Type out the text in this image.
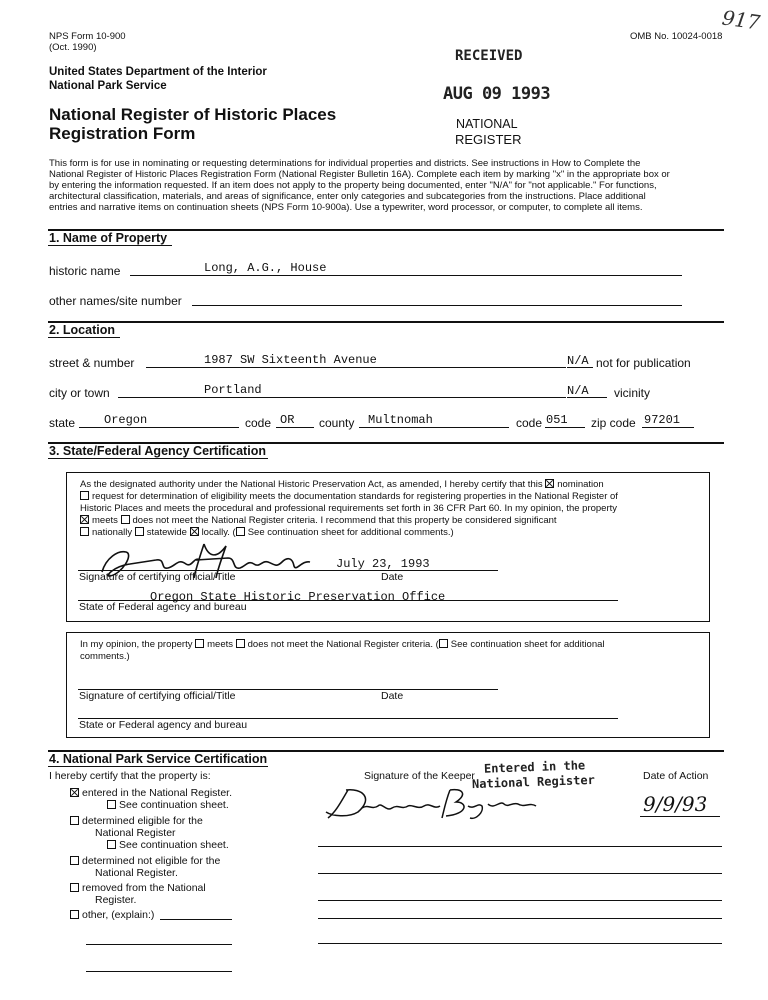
NPS Form 10-900
(Oct. 1990)
OMB No. 10024-0018
917
United States Department of the Interior
National Park Service
National Register of Historic Places
Registration Form
RECEIVED
AUG 09 1993
NATIONAL
REGISTER
This form is for use in nominating or requesting determinations for individual properties and districts. See instructions in How to Complete the
National Register of Historic Places Registration Form (National Register Bulletin 16A). Complete each item by marking "x" in the appropriate box or
by entering the information requested. If an item does not apply to the property being documented, enter "N/A" for "not applicable." For functions,
architectural classification, materials, and areas of significance, enter only categories and subcategories from the instructions. Place additional
entries and narrative items on continuation sheets (NPS Form 10-900a). Use a typewriter, word processor, or computer, to complete all items.
1. Name of Property
historic name	Long, A.G., House
other names/site number
2. Location
street & number	1987 SW Sixteenth Avenue	N/A not for publication
city or town	Portland	N/A vicinity
state Oregon	code OR county Multnomah	code 051 zip code 97201
3. State/Federal Agency Certification
As the designated authority under the National Historic Preservation Act, as amended, I hereby certify that this nomination
request for determination of eligibility meets the documentation standards for registering properties in the National Register of
Historic Places and meets the procedural and professional requirements set forth in 36 CFR Part 60. In my opinion, the property
meets does not meet the National Register criteria. I recommend that this property be considered significant
nationally statewide locally. ( See continuation sheet for additional comments.)
July 23, 1993
Signature of certifying official/Title	Date
Oregon State Historic Preservation Office
State of Federal agency and bureau
In my opinion, the property meets does not meet the National Register criteria. ( See continuation sheet for additional
comments.)
Signature of certifying official/Title	Date
State or Federal agency and bureau
4. National Park Service Certification
I hereby certify that the property is:	Signature of the Keeper	Date of Action
Entered in the
National Register
9/9/93
entered in the National Register.
See continuation sheet.
determined eligible for the
National Register
See continuation sheet.
determined not eligible for the
National Register.
removed from the National
Register.
other, (explain:)
